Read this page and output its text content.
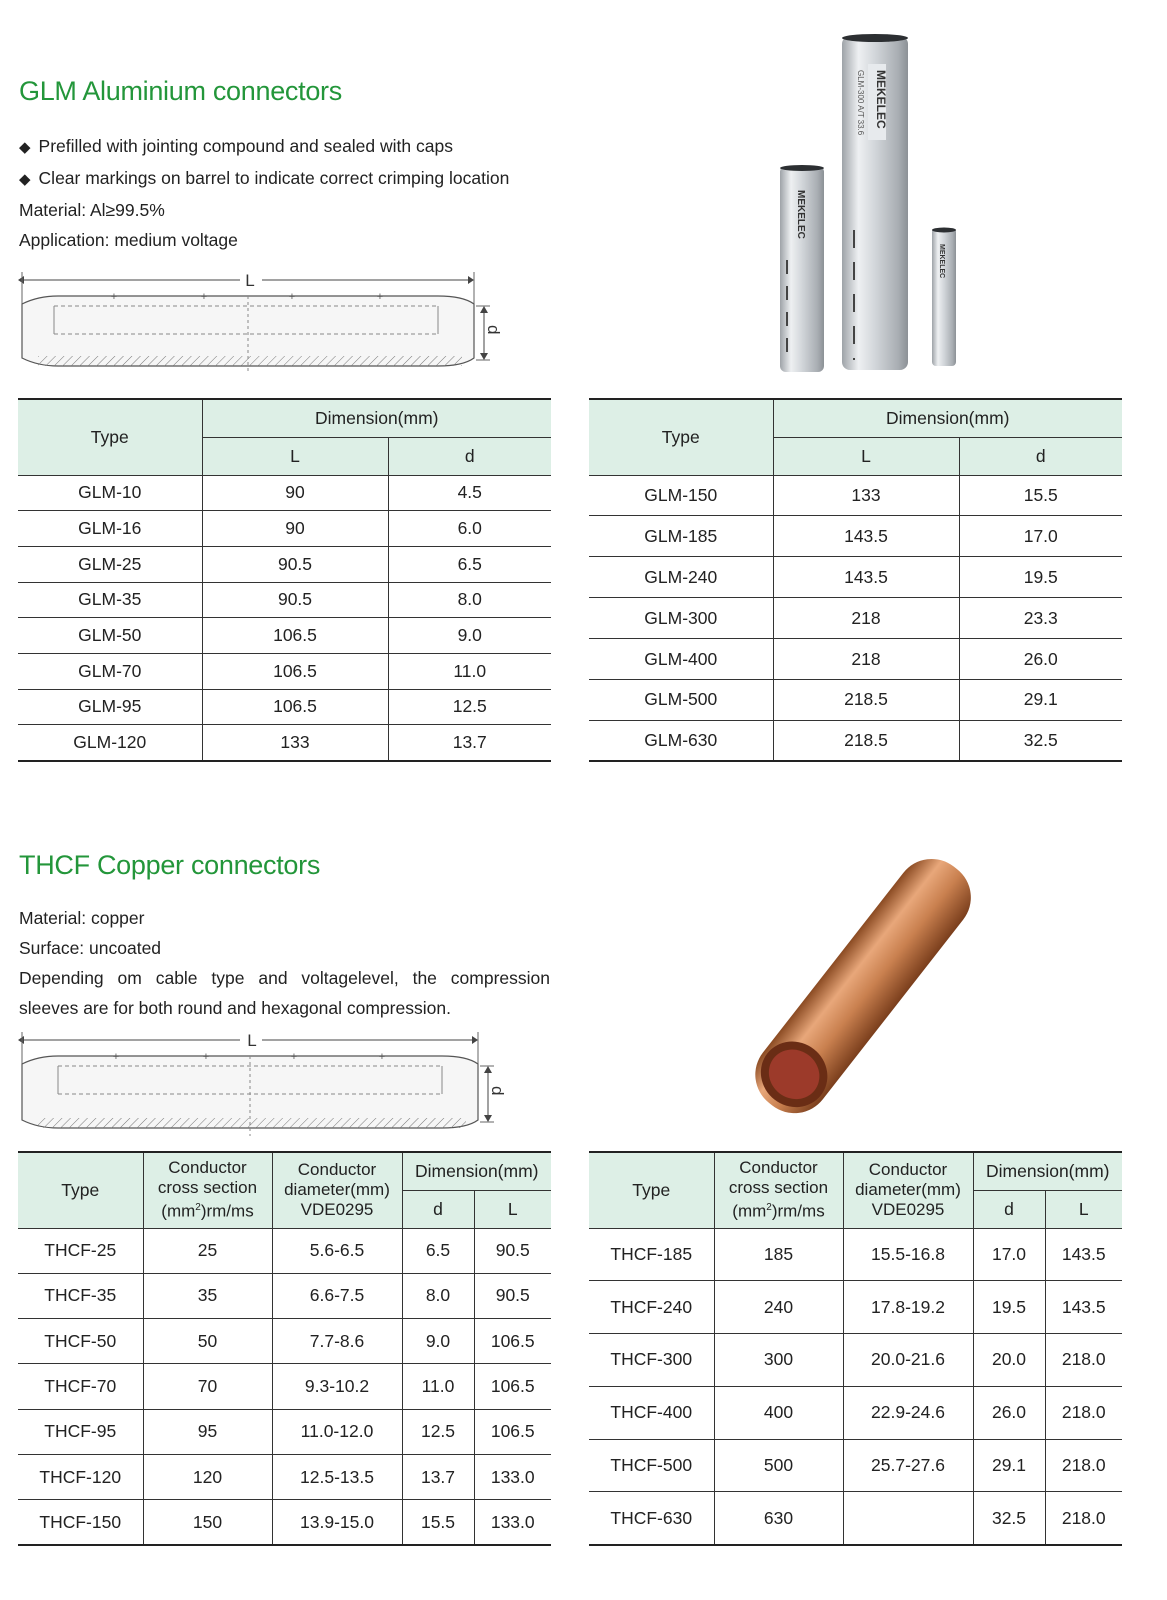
GLM Aluminium connectors
◆ Prefilled with jointing compound and sealed with caps
◆ Clear markings on barrel to indicate correct crimping location
Material: Al≥99.5%
Application: medium voltage
+	+	+	+
L
d
MEKELEC
GLM-300 A/T 33.6
MEKELEC
MEKELEC
Type	Dimension(mm)	
	L	d
GLM-10	90	4.5
GLM-16	90	6.0
GLM-25	90.5	6.5
GLM-35	90.5	8.0
GLM-50	106.5	9.0
GLM-70	106.5	11.0
GLM-95	106.5	12.5
GLM-120	133	13.7
Type	Dimension(mm)	
	L	d
GLM-150	133	15.5
GLM-185	143.5	17.0
GLM-240	143.5	19.5
GLM-300	218	23.3
GLM-400	218	26.0
GLM-500	218.5	29.1
GLM-630	218.5	32.5
THCF Copper connectors
Material: copper
Surface: uncoated
Depending om cable type and voltagelevel, the compression
sleeves are for both round and hexagonal compression.
+	+	+	+
L
d
Type	Conductor
cross section
$(mm^2)rm/ms$	Conductor
diameter(mm)
VDE0295	Dimension(mm)	
			d	L
THCF-25	25	5.6-6.5	6.5	90.5
THCF-35	35	6.6-7.5	8.0	90.5
THCF-50	50	7.7-8.6	9.0	106.5
THCF-70	70	9.3-10.2	11.0	106.5
THCF-95	95	11.0-12.0	12.5	106.5
THCF-120	120	12.5-13.5	13.7	133.0
THCF-150	150	13.9-15.0	15.5	133.0
Type	Conductor
cross section
$(mm^2)rm/ms$	Conductor
diameter(mm)
VDE0295	Dimension(mm)	
			d	L
THCF-185	185	15.5-16.8	17.0	143.5
THCF-240	240	17.8-19.2	19.5	143.5
THCF-300	300	20.0-21.6	20.0	218.0
THCF-400	400	22.9-24.6	26.0	218.0
THCF-500	500	25.7-27.6	29.1	218.0
THCF-630	630		32.5	218.0
